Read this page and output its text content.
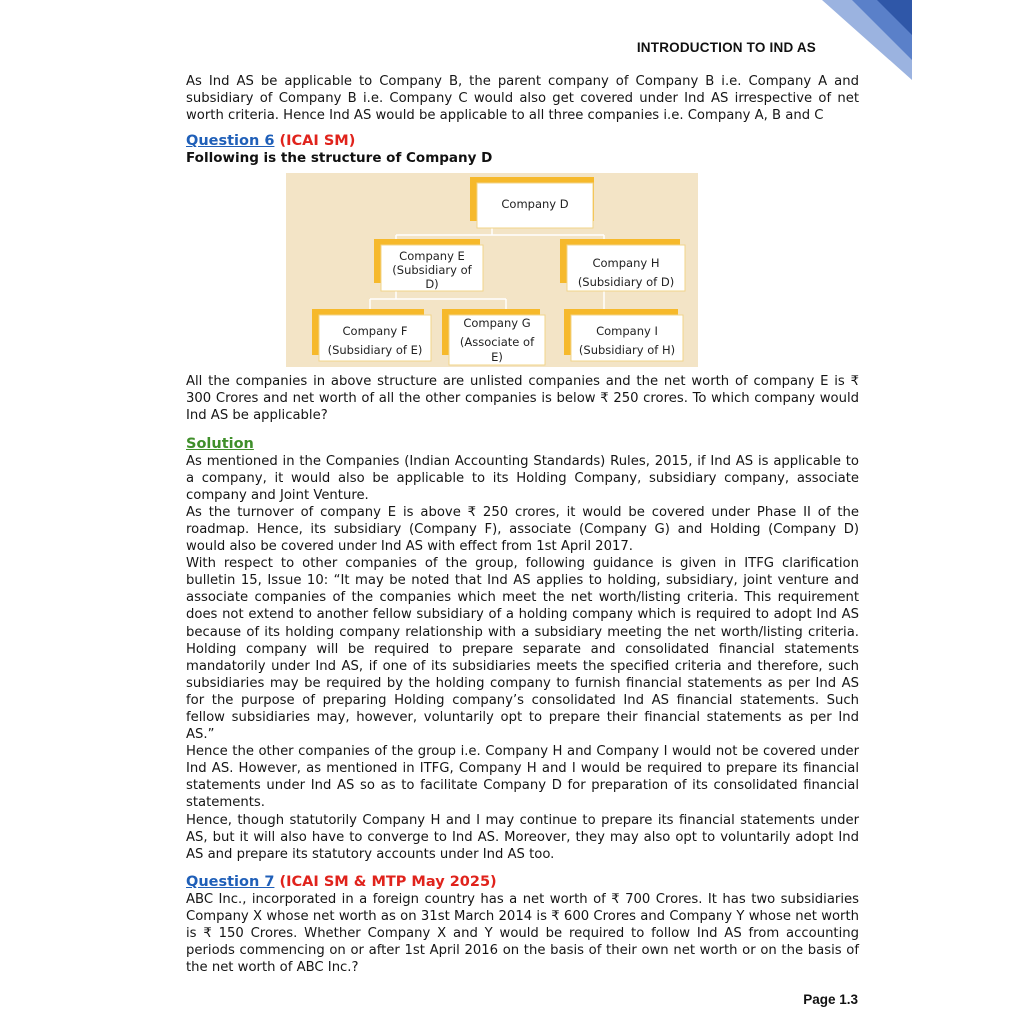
INTRODUCTION TO IND AS

As Ind AS be applicable to Company B, the parent company of Company B i.e. Company A and subsidiary of Company B i.e. Company C would also get covered under Ind AS irrespective of net worth criteria. Hence Ind AS would be applicable to all three companies i.e. Company A, B and C

Question 6 (ICAI SM)
Following is the structure of Company D
Company D
Company E
(Subsidiary of
D)
Company H
(Subsidiary of D)
Company F
(Subsidiary of E)
Company G
(Associate of
E)
Company I
(Subsidiary of H)

All the companies in above structure are unlisted companies and the net worth of company E is ₹ 300 Crores and net worth of all the other companies is below ₹ 250 crores. To which company would Ind AS be applicable?

Solution

As mentioned in the Companies (Indian Accounting Standards) Rules, 2015, if Ind AS is applicable to a company, it would also be applicable to its Holding Company, subsidiary company, associate company and Joint Venture.

As the turnover of company E is above ₹ 250 crores, it would be covered under Phase II of the roadmap. Hence, its subsidiary (Company F), associate (Company G) and Holding (Company D) would also be covered under Ind AS with effect from 1st April 2017.

With respect to other companies of the group, following guidance is given in ITFG clarification bulletin 15, Issue 10: “It may be noted that Ind AS applies to holding, subsidiary, joint venture and associate companies of the companies which meet the net worth/listing criteria. This requirement does not extend to another fellow subsidiary of a holding company which is required to adopt Ind AS because of its holding company relationship with a subsidiary meeting the net worth/listing criteria. Holding company will be required to prepare separate and consolidated financial statements mandatorily under Ind AS, if one of its subsidiaries meets the specified criteria and therefore, such subsidiaries may be required by the holding company to furnish financial statements as per Ind AS for the purpose of preparing Holding company’s consolidated Ind AS financial statements. Such fellow subsidiaries may, however, voluntarily opt to prepare their financial statements as per Ind AS.”

Hence the other companies of the group i.e. Company H and Company I would not be covered under Ind AS. However, as mentioned in ITFG, Company H and I would be required to prepare its financial statements under Ind AS so as to facilitate Company D for preparation of its consolidated financial statements.

Hence, though statutorily Company H and I may continue to prepare its financial statements under AS, but it will also have to converge to Ind AS. Moreover, they may also opt to voluntarily adopt Ind AS and prepare its statutory accounts under Ind AS too.

Question 7 (ICAI SM & MTP May 2025)

ABC Inc., incorporated in a foreign country has a net worth of ₹ 700 Crores. It has two subsidiaries Company X whose net worth as on 31st March 2014 is ₹ 600 Crores and Company Y whose net worth is ₹ 150 Crores. Whether Company X and Y would be required to follow Ind AS from accounting periods commencing on or after 1st April 2016 on the basis of their own net worth or on the basis of the net worth of ABC Inc.?

Page 1.3
